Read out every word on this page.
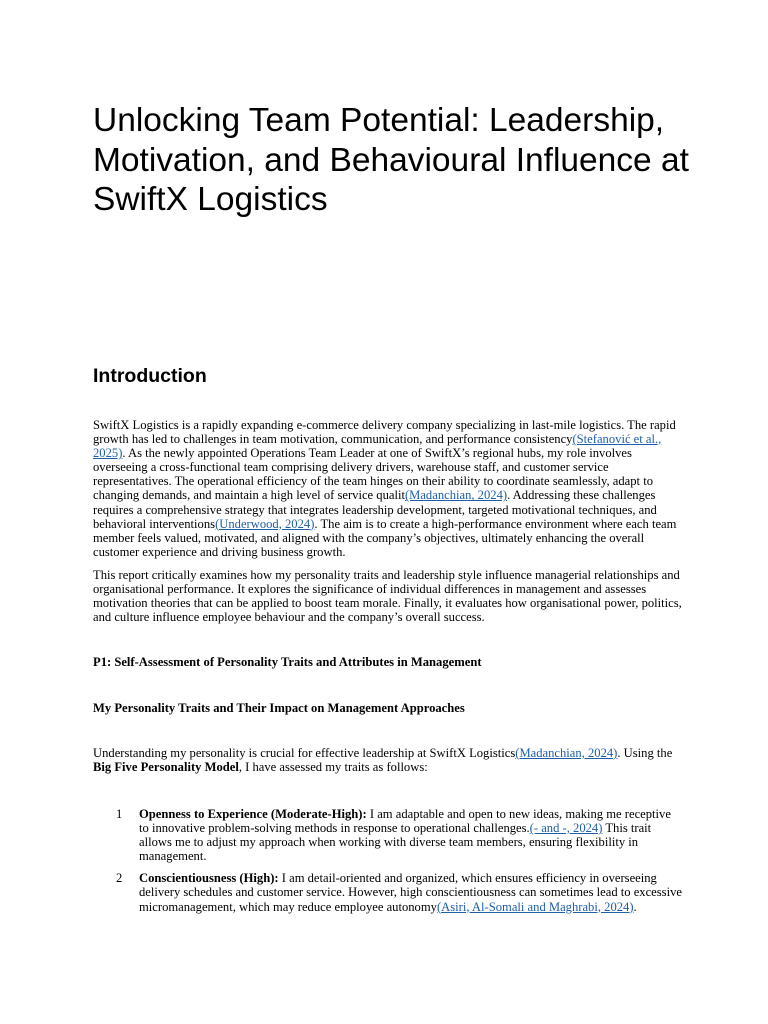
Unlocking Team Potential: Leadership, Motivation, and Behavioural Influence at SwiftX Logistics
Introduction

SwiftX Logistics is a rapidly expanding e-commerce delivery company specializing in last-mile logistics. The rapid growth has led to challenges in team motivation, communication, and performance consistency(Stefanović et al., 2025). As the newly appointed Operations Team Leader at one of SwiftX’s regional hubs, my role involves overseeing a cross-functional team comprising delivery drivers, warehouse staff, and customer service representatives. The operational efficiency of the team hinges on their ability to coordinate seamlessly, adapt to changing demands, and maintain a high level of service qualit(Madanchian, 2024). Addressing these challenges requires a comprehensive strategy that integrates leadership development, targeted motivational techniques, and behavioral interventions(Underwood, 2024). The aim is to create a high-performance environment where each team member feels valued, motivated, and aligned with the company’s objectives, ultimately enhancing the overall customer experience and driving business growth.

This report critically examines how my personality traits and leadership style influence managerial relationships and organisational performance. It explores the significance of individual differences in management and assesses motivation theories that can be applied to boost team morale. Finally, it evaluates how organisational power, politics, and culture influence employee behaviour and the company’s overall success.

P1: Self-Assessment of Personality Traits and Attributes in Management
My Personality Traits and Their Impact on Management Approaches

Understanding my personality is crucial for effective leadership at SwiftX Logistics(Madanchian, 2024). Using the Big Five Personality Model, I have assessed my traits as follows:

1 Openness to Experience (Moderate-High): I am adaptable and open to new ideas, making me receptive to innovative problem-solving methods in response to operational challenges.(- and -, 2024) This trait allows me to adjust my approach when working with diverse team members, ensuring flexibility in management.
2 Conscientiousness (High): I am detail-oriented and organized, which ensures efficiency in overseeing delivery schedules and customer service. However, high conscientiousness can sometimes lead to excessive micromanagement, which may reduce employee autonomy(Asiri, Al-Somali and Maghrabi, 2024).
